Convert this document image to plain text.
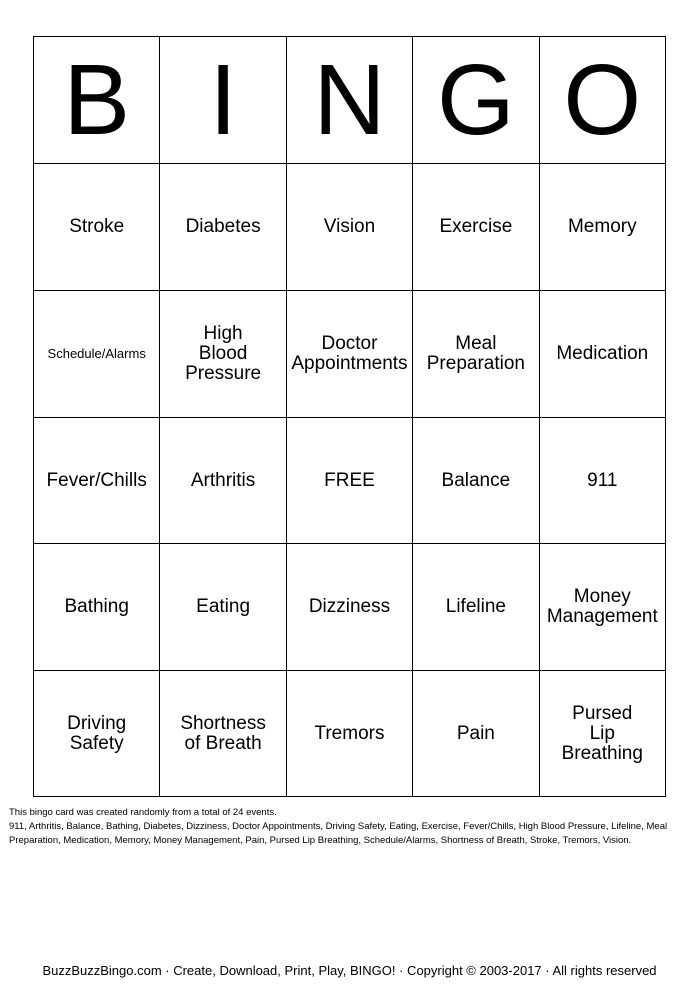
B	I	N	G	O

Stroke	Diabetes	Vision	Exercise	Memory

Schedule/Alarms	High
Blood
Pressure	Doctor
Appointments	Meal
Preparation	Medication

Fever/Chills	Arthritis	FREE	Balance	911

Bathing	Eating	Dizziness	Lifeline	Money
Management

Driving
Safety	Shortness
of Breath	Tremors	Pain	Pursed
Lip
Breathing

This bingo card was created randomly from a total of 24 events.

911, Arthritis, Balance, Bathing, Diabetes, Dizziness, Doctor Appointments, Driving Safety, Eating, Exercise, Fever/Chills, High Blood Pressure, Lifeline, Meal Preparation, Medication, Memory, Money Management, Pain, Pursed Lip Breathing, Schedule/Alarms, Shortness of Breath, Stroke, Tremors, Vision.

BuzzBuzzBingo.com · Create, Download, Print, Play, BINGO! · Copyright © 2003-2017 · All rights reserved
